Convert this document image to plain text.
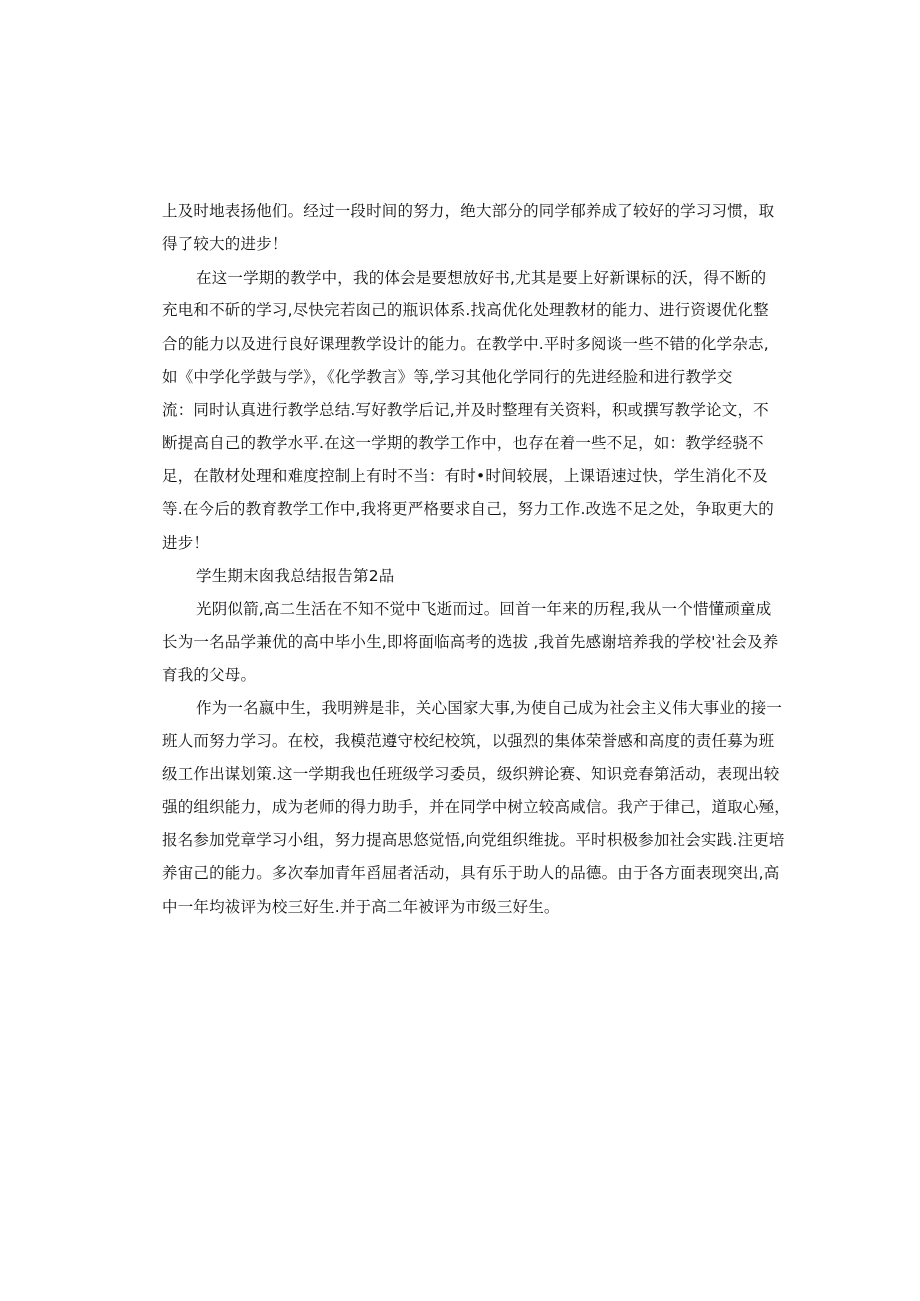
上及时地表扬他们。经过一段时间的努力，绝大部分的同学郁养成了较好的学习习惯，取
得了较大的进步！
在这一学期的教学中，我的体会是要想放好书,尤其是要上好新课标的沃，得不断的
充电和不斫的学习,尽快完若囱己的瓶识体系.找高优化处理教材的能力、进行资谡优化整
合的能力以及进行良好课理教学设计的能力。在教学中.平时多阅谈一些不错的化学杂志,
如《中学化学鼓与学》，《化学教言》等,学习其他化学同行的先进经脸和进行教学交
流：同时认真进行教学总结.写好教学后记,并及时整理有关资料，积或撰写教学论文，不
断提高自己的教学水平.在这一学期的教学工作中，也存在着一些不足，如：教学经骁不
足，在散材处理和难度控制上有时不当：有时•时间较展，上课语速过快，学生消化不及
等.在今后的教育教学工作中,我将更严格要求自己，努力工作.改选不足之处，争取更大的
进步！
学生期末囱我总结报告第2品
光阴似箭,高二生活在不知不觉中飞逝而过。回首一年来的历程,我从一个惜懂顽童成
长为一名品学兼优的高中毕小生,即将面临高考的选拔 ,我首先感谢培养我的学校'社会及养
育我的父母。
作为一名嬴中生，我明辨是非，关心国家大事,为使自己成为社会主义伟大事业的接一
班人而努力学习。在校，我模范遵守校纪校筑，以强烈的集体荣誉感和高度的责任募为班
级工作出谋划策.这一学期我也任班级学习委员，级织辨论赛、知识竞春第活动，表现出较
强的组织能力，成为老师的得力助手，并在同学中树立较高咸信。我产于律己，道取心殛，
报名参加党章学习小组，努力提高思悠觉悟,向党组织维拢。平时枳极参加社会实践.注更培
养宙己的能力。多次奉加青年舀屈者活动，具有乐于助人的品德。由于各方面表现突出,高
中一年均祓评为校三好生.并于高二年被评为市级三好生。
